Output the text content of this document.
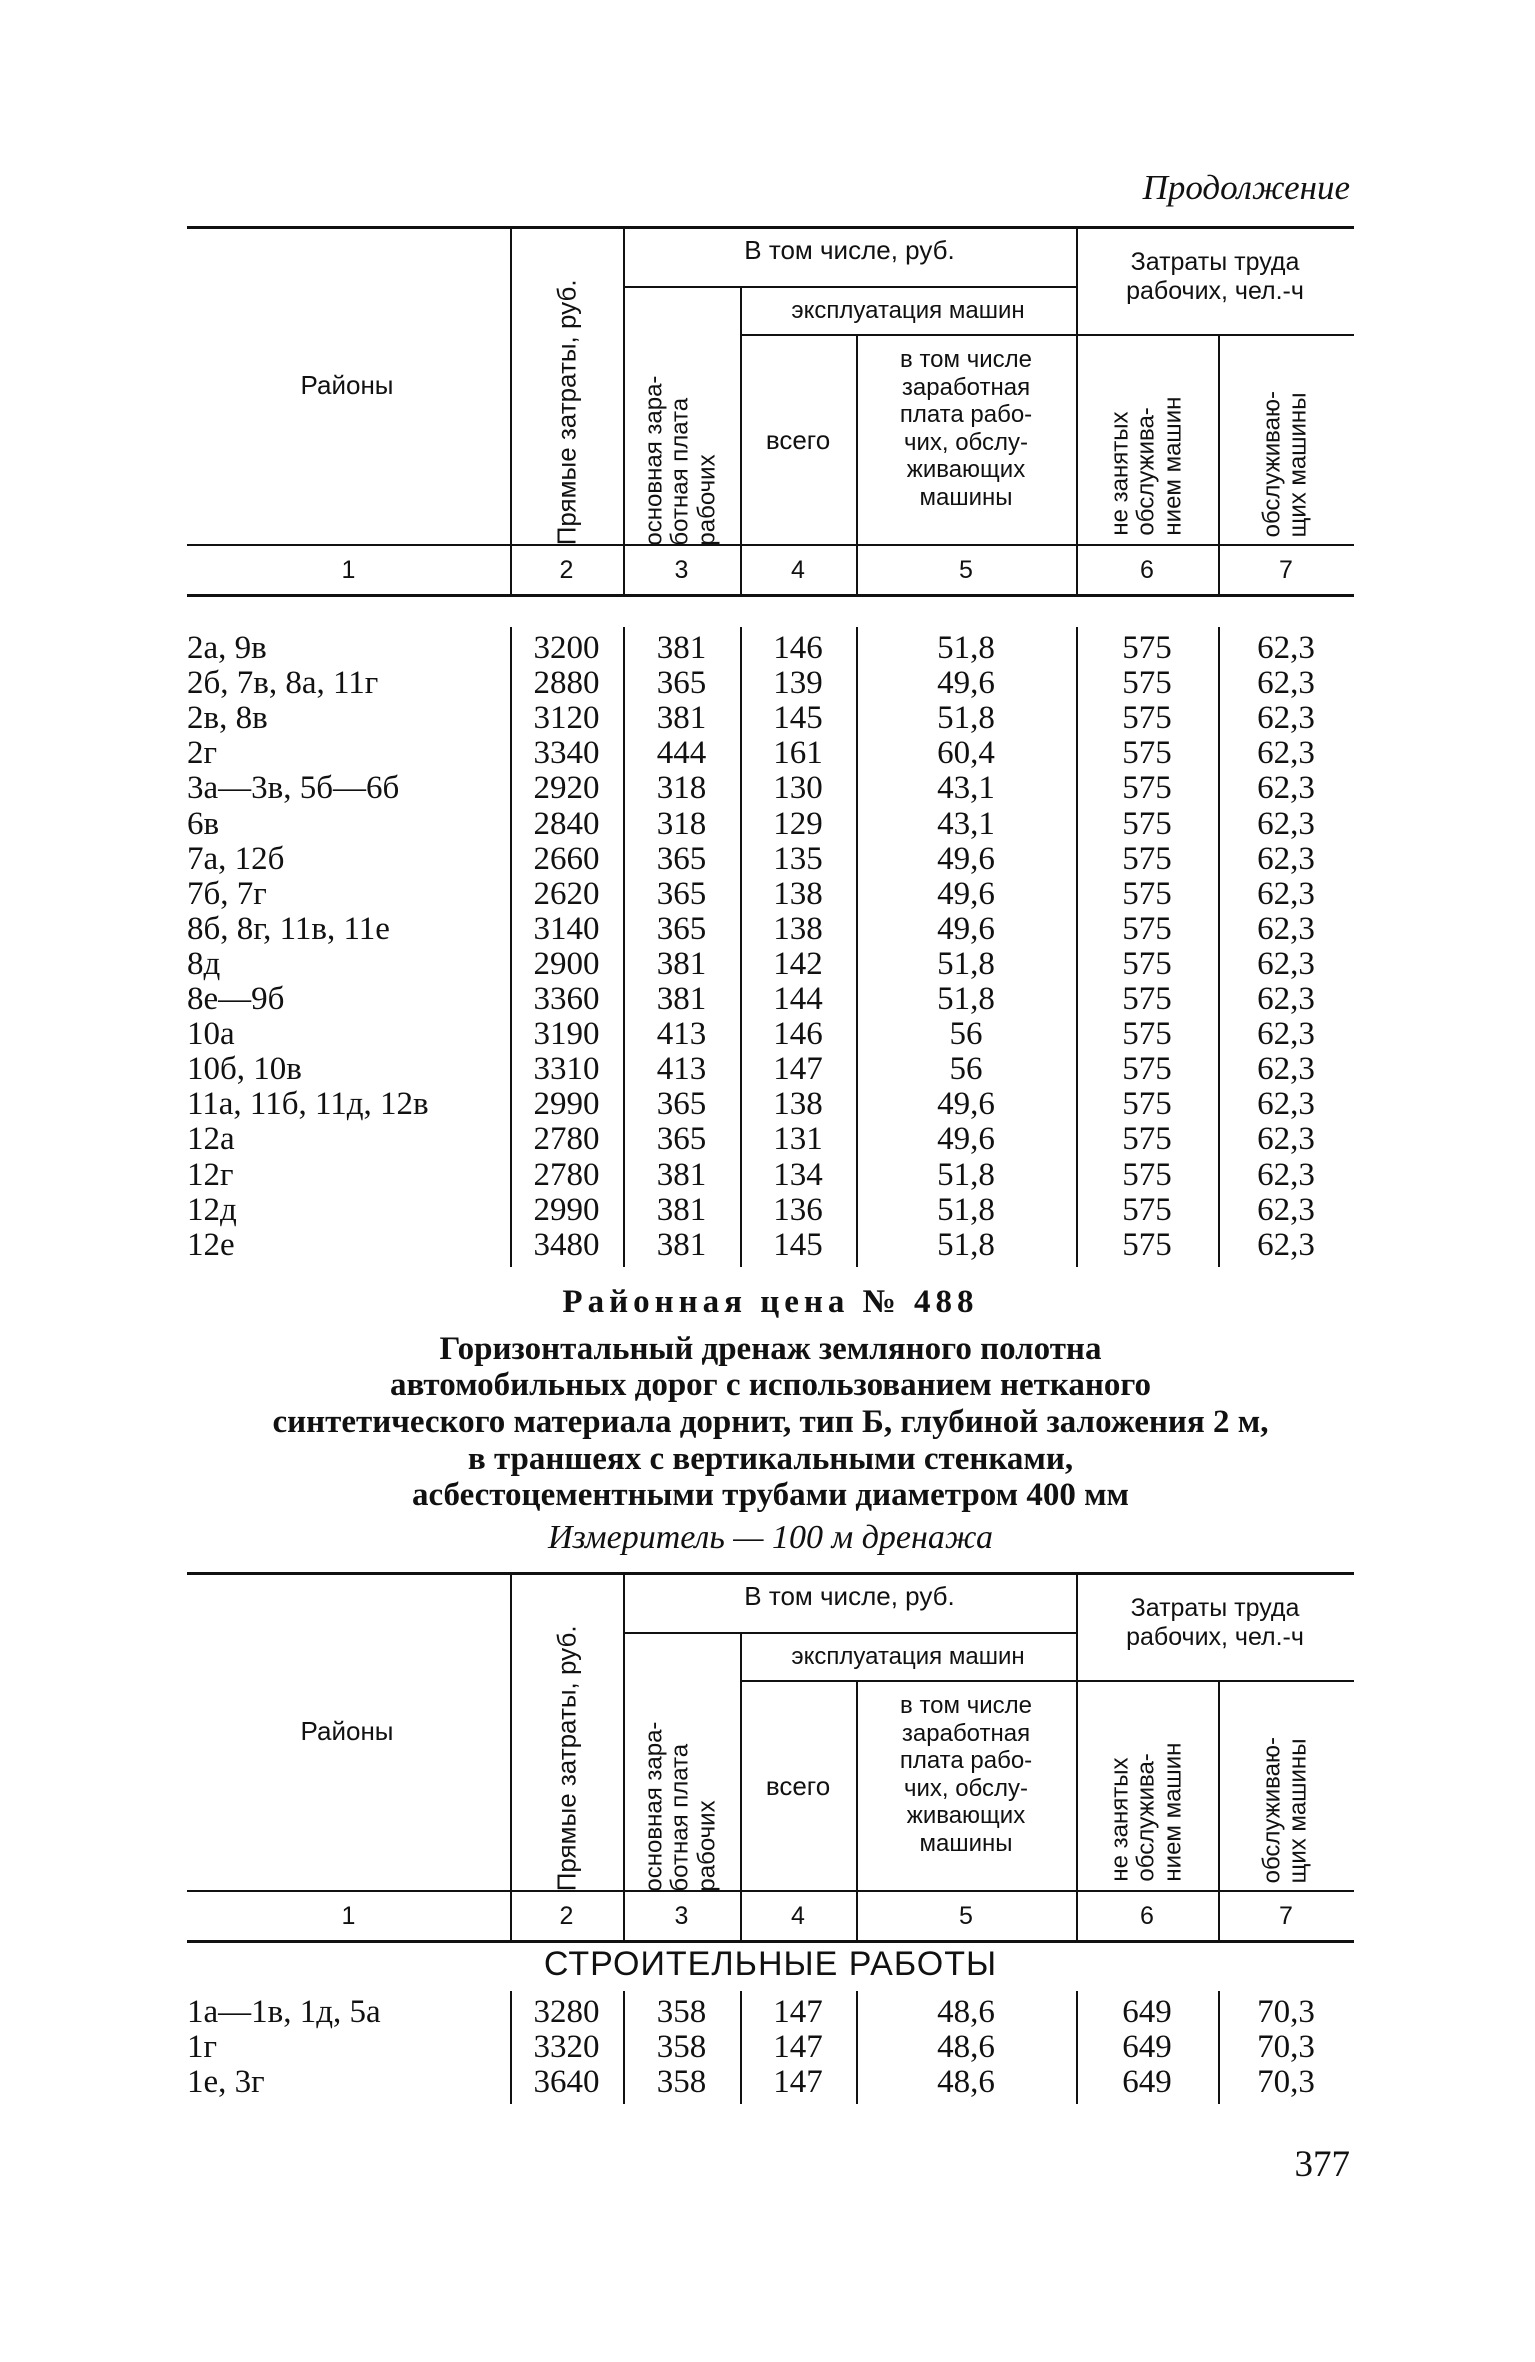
Продолжение
Районная цена № 488
Измеритель — 100 м дренажа
377
Районы	Прямые затраты, руб.
В том числе, руб.
основная зара-
ботная плата
рабочих
эксплуатация машин
всего
в том числе
заработная
плата рабо-
чих, обслу-
живающих
машины
Затраты труда
рабочих, чел.-ч
не занятых
обслужива-
нием машин	обслуживаю-
щих машины
1	2	3	4	5	6	7
2а, 9в	3200	381	146	51,8	575	62,3
2б, 7в, 8а, 11г	2880	365	139	49,6	575	62,3
2в, 8в	3120	381	145	51,8	575	62,3
2г	3340	444	161	60,4	575	62,3
3а—3в, 5б—6б	2920	318	130	43,1	575	62,3
6в	2840	318	129	43,1	575	62,3
7а, 12б	2660	365	135	49,6	575	62,3
7б, 7г	2620	365	138	49,6	575	62,3
8б, 8г, 11в, 11е	3140	365	138	49,6	575	62,3
8д	2900	381	142	51,8	575	62,3
8е—9б	3360	381	144	51,8	575	62,3
10а	3190	413	146	56	575	62,3
10б, 10в	3310	413	147	56	575	62,3
11а, 11б, 11д, 12в	2990	365	138	49,6	575	62,3
12а	2780	365	131	49,6	575	62,3
12г	2780	381	134	51,8	575	62,3
12д	2990	381	136	51,8	575	62,3
12е	3480	381	145	51,8	575	62,3
Горизонтальный дренаж земляного полотна
автомобильных дорог с использованием нетканого
синтетического материала дорнит, тип Б, глубиной заложения 2 м,
в траншеях с вертикальными стенками,
асбестоцементными трубами диаметром 400 мм
Районы	Прямые затраты, руб.
В том числе, руб.
основная зара-
ботная плата
рабочих
эксплуатация машин
всего
в том числе
заработная
плата рабо-
чих, обслу-
живающих
машины
Затраты труда
рабочих, чел.-ч
не занятых
обслужива-
нием машин	обслуживаю-
щих машины
1	2	3	4	5	6	7
СТРОИТЕЛЬНЫЕ РАБОТЫ
1а—1в, 1д, 5а	3280	358	147	48,6	649	70,3
1г	3320	358	147	48,6	649	70,3
1е, 3г	3640	358	147	48,6	649	70,3
